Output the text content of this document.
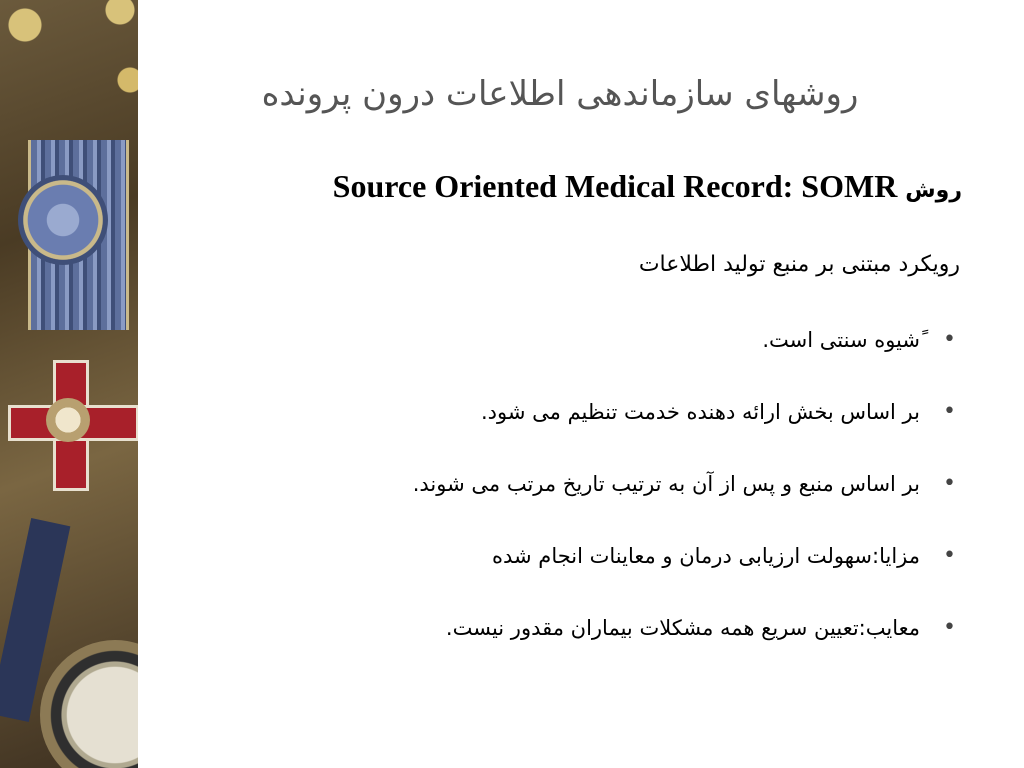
روشهای سازماندهی اطلاعات درون پرونده
روش Source Oriented Medical Record: SOMR
رویکرد مبتنی بر منبع تولید اطلاعات
•
ًشیوه سنتی است.
•
بر اساس بخش ارائه دهنده خدمت تنظیم می شود.
•
بر اساس منبع و پس از آن به ترتیب تاریخ مرتب می شوند.
•
مزایا:سهولت ارزیابی درمان و معاینات انجام شده
•
معایب:تعیین سریع همه مشکلات بیماران مقدور نیست.
